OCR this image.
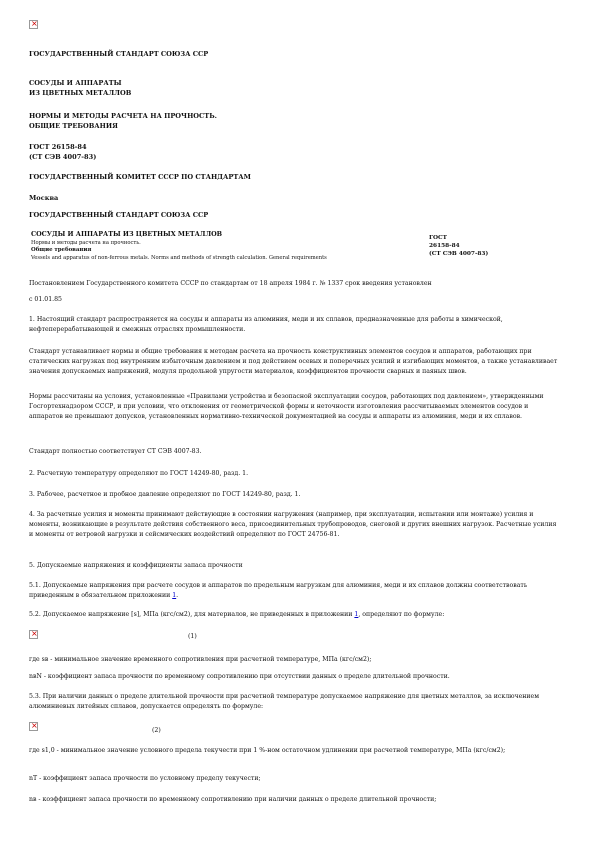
×
ГОСУДАРСТВЕННЫЙ СТАНДАРТ СОЮЗА ССР
СОСУДЫ И АППАРАТЫ
ИЗ ЦВЕТНЫХ МЕТАЛЛОВ
НОРМЫ И МЕТОДЫ РАСЧЕТА НА ПРОЧНОСТЬ.
ОБЩИЕ ТРЕБОВАНИЯ
ГОСТ 26158-84
(СТ СЭВ 4007-83)
ГОСУДАРСТВЕННЫЙ КОМИТЕТ СССР ПО СТАНДАРТАМ
Москва
ГОСУДАРСТВЕННЫЙ СТАНДАРТ СОЮЗА ССР
СОСУДЫ И АППАРАТЫ ИЗ ЦВЕТНЫХ МЕТАЛЛОВ
Нормы и методы расчета на прочность.
Общие требования
Vessels and apparatus of non-ferrous metals. Norms and methods of strength calculation. General requirements
ГОСТ
26158-84
(СТ СЭВ 4007-83)
Постановлением Государственного комитета СССР по стандартам от 18 апреля 1984 г. № 1337 срок введения установлен
с 01.01.85
1. Настоящий стандарт распространяется на сосуды и аппараты из алюминия, меди и их сплавов, предназначенные для работы в химической, нефтеперерабатывающей и смежных отраслях промышленности.
Стандарт устанавливает нормы и общие требования к методам расчета на прочность конструктивных элементов сосудов и аппаратов, работающих при статических нагрузках под внутренним избыточным давлением и под действием осевых и поперечных усилий и изгибающих моментов, а также устанавливает значения допускаемых напряжений, модуля продольной упругости материалов, коэффициентов прочности сварных и паяных швов.
Нормы рассчитаны на условия, установленные «Правилами устройства и безопасной эксплуатации сосудов, работающих под давлением», утвержденными Госгортехнадзором СССР, и при условии, что отклонения от геометрической формы и неточности изготовления рассчитываемых элементов сосудов и аппаратов не превышают допусков, установленных нормативно-технической документацией на сосуды и аппараты из алюминия, меди и их сплавов.
Стандарт полностью соответствует СТ СЭВ 4007-83.
2. Расчетную температуру определяют по ГОСТ 14249-80, разд. 1.
3. Рабочее, расчетное и пробное давление определяют по ГОСТ 14249-80, разд. 1.
4. За расчетные усилия и моменты принимают действующие в состоянии нагружения (например, при эксплуатации, испытании или монтаже) усилия и моменты, возникающие в результате действия собственного веса, присоединительных трубопроводов, снеговой и других внешних нагрузок. Расчетные усилия и моменты от ветровой нагрузки и сейсмических воздействий определяют по ГОСТ 24756-81.
5. Допускаемые напряжения и коэффициенты запаса прочности
5.1. Допускаемые напряжения при расчете сосудов и аппаратов по предельным нагрузкам для алюминия, меди и их сплавов должны соответствовать приведенным в обязательном приложении 1.
5.2. Допускаемое напряжение [s], МПа (кгс/см2), для материалов, не приведенных в приложении 1, определяют по формуле:
×
(1)
где sв - минимальное значение временного сопротивления при расчетной температуре, МПа (кгс/см2);
nвN - коэффициент запаса прочности по временному сопротивлению при отсутствии данных о пределе длительной прочности.
5.3. При наличии данных о пределе длительной прочности при расчетной температуре допускаемое напряжение для цветных металлов, за исключением алюминиевых литейных сплавов, допускается определять по формуле:
×
(2)
где s1,0 - минимальное значение условного предела текучести при 1 %-ном остаточном удлинении при расчетной температуре, МПа (кгс/см2);
nT - коэффициент запаса прочности по условному пределу текучести;
nв - коэффициент запаса прочности по временному сопротивлению при наличии данных о пределе длительной прочности;
